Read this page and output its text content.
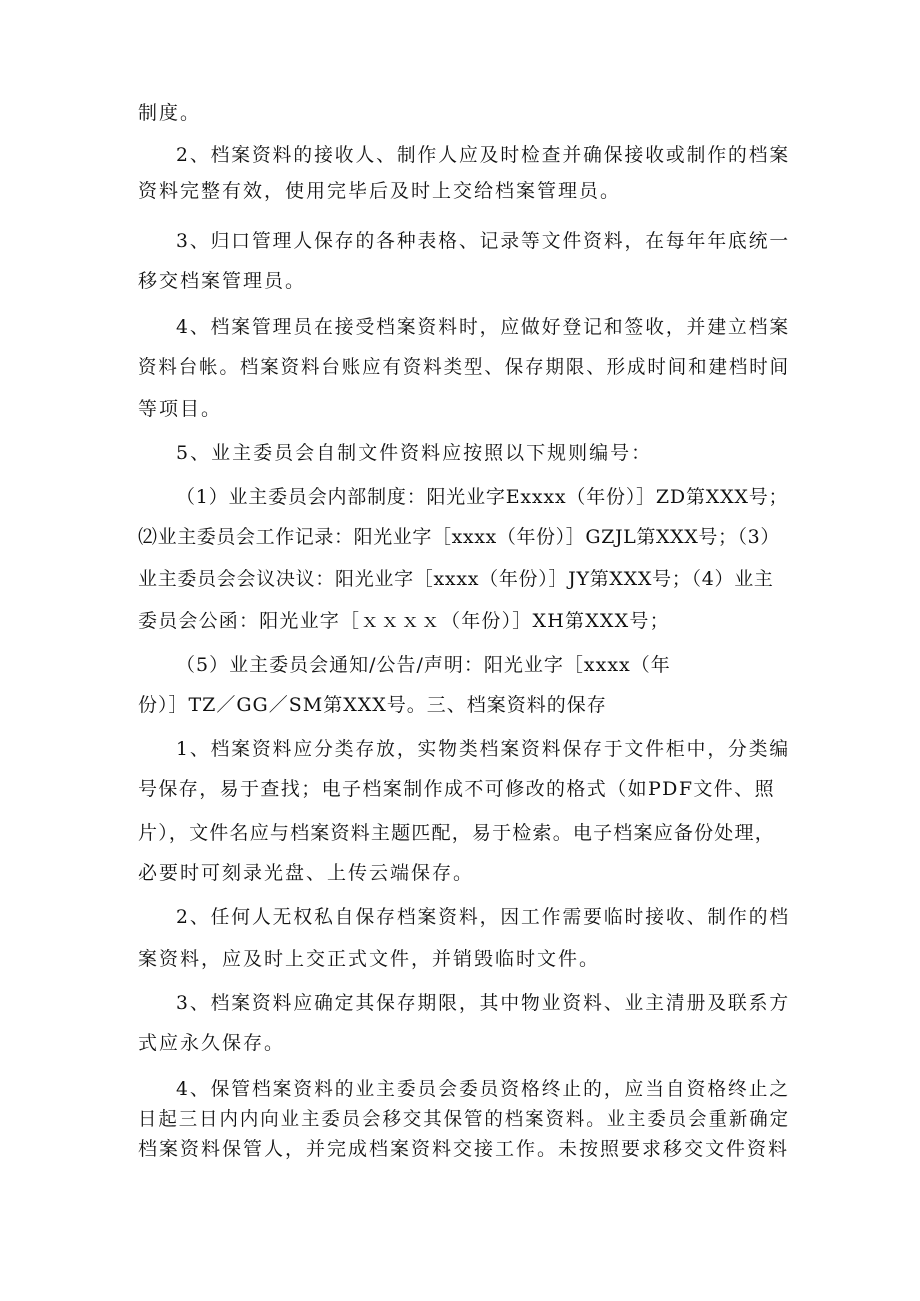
制度。

2、档案资料的接收人、制作人应及时检查并确保接收或制作的档案

资料完整有效，使用完毕后及时上交给档案管理员。

3、归口管理人保存的各种表格、记录等文件资料，在每年年底统一

移交档案管理员。

4、档案管理员在接受档案资料时，应做好登记和签收，并建立档案

资料台帐。档案资料台账应有资料类型、保存期限、形成时间和建档时间

等项目。

5、业主委员会自制文件资料应按照以下规则编号：

（1）业主委员会内部制度：阳光业字Exxxx（年份）］ZD第XXX号；

⑵业主委员会工作记录：阳光业字［xxxx（年份）］GZJL第XXX号；（3）

业主委员会会议决议：阳光业字［xxxx（年份）］JY第XXX号；（4）业主

委员会公函：阳光业字［ｘｘｘｘ（年份）］XH第XXX号；

（5）业主委员会通知/公告/声明：阳光业字［xxxx（年

份）］TZ／GG／SM第XXX号。三、档案资料的保存

1、档案资料应分类存放，实物类档案资料保存于文件柜中，分类编

号保存，易于查找；电子档案制作成不可修改的格式（如PDF文件、照

片），文件名应与档案资料主题匹配，易于检索。电子档案应备份处理，

必要时可刻录光盘、上传云端保存。

2、任何人无权私自保存档案资料，因工作需要临时接收、制作的档

案资料，应及时上交正式文件，并销毁临时文件。

3、档案资料应确定其保存期限，其中物业资料、业主清册及联系方

式应永久保存。

4、保管档案资料的业主委员会委员资格终止的，应当自资格终止之

日起三日内内向业主委员会移交其保管的档案资料。业主委员会重新确定

档案资料保管人，并完成档案资料交接工作。未按照要求移交文件资料
